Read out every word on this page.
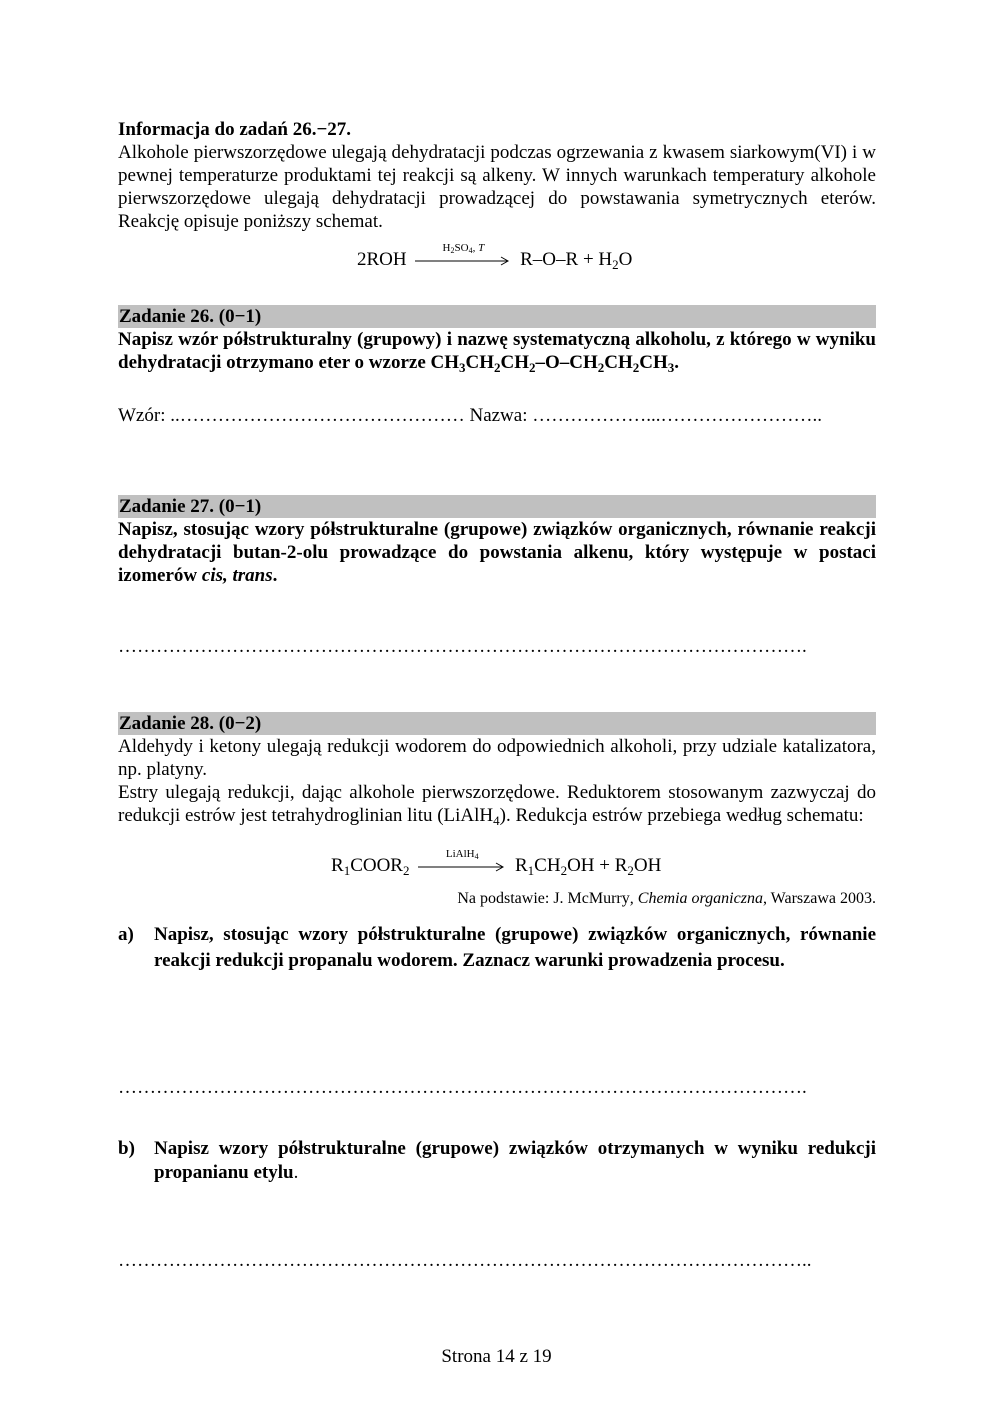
Informacja do zadań 26.−27.
Alkohole pierwszorzędowe ulegają dehydratacji podczas ogrzewania z kwasem siarkowym(VI) i w pewnej temperaturze produktami tej reakcji są alkeny. W innych warunkach temperatury alkohole pierwszorzędowe ulegają dehydratacji prowadzącej do powstawania symetrycznych eterów. Reakcję opisuje poniższy schemat.
2ROH
$H_2SO_4$, T
$R-O-R + H_2O$
Zadanie 26. (0−1)
Napisz wzór półstrukturalny (grupowy) i nazwę systematyczną alkoholu, z którego w wyniku dehydratacji otrzymano eter o wzorze $CH_3CH_2CH_2-O-CH_2CH_2CH_3$.
Wzór: ..……………………………………… Nazwa: ………………...……………………..
Zadanie 27. (0−1)
Napisz, stosując wzory półstrukturalne (grupowe) związków organicznych, równanie reakcji dehydratacji butan-2-olu prowadzące do powstania alkenu, który występuje w postaci izomerów cis, trans.
……………………………………………………………………………………………….
Zadanie 28. (0−2)
Aldehydy i ketony ulegają redukcji wodorem do odpowiednich alkoholi, przy udziale katalizatora, np. platyny.
Estry ulegają redukcji, dając alkohole pierwszorzędowe. Reduktorem stosowanym zazwyczaj do redukcji estrów jest tetrahydroglinian litu (LiAlH$_4$). Redukcja estrów przebiega według schematu:
$R_1COOR_2$
LiAlH$_4$	$R_1CH_2OH + R_2OH$
Na podstawie: J. McMurry, Chemia organiczna, Warszawa 2003.
a) Napisz, stosując wzory półstrukturalne (grupowe) związków organicznych, równanie reakcji redukcji propanalu wodorem. Zaznacz warunki prowadzenia procesu.
……………………………………………………………………………………………….
b) Napisz wzory półstrukturalne (grupowe) związków otrzymanych w wyniku redukcji propanianu etylu.
………………………………………………………………………………………………..
Strona 14 z 19
